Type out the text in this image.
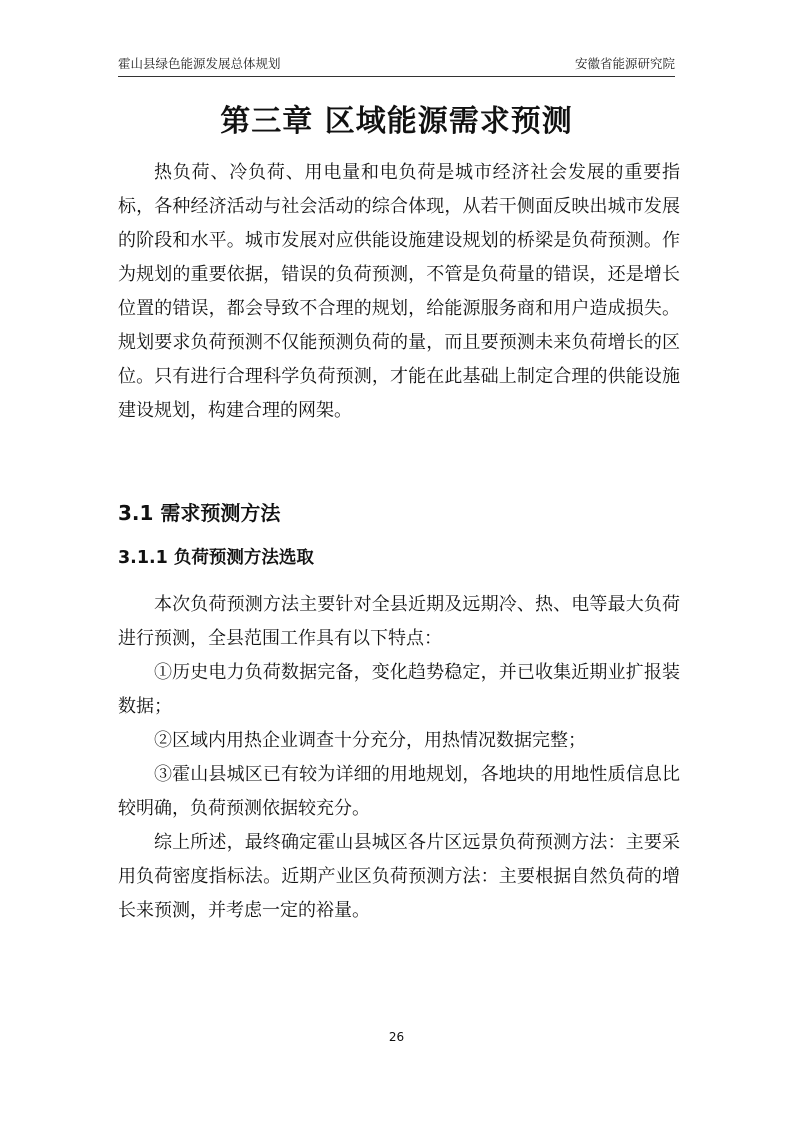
霍山县绿色能源发展总体规划	安徽省能源研究院
第三章 区域能源需求预测

热负荷、冷负荷、用电量和电负荷是城市经济社会发展的重要指标，各种经济活动与社会活动的综合体现，从若干侧面反映出城市发展的阶段和水平。城市发展对应供能设施建设规划的桥梁是负荷预测。作为规划的重要依据，错误的负荷预测，不管是负荷量的错误，还是增长位置的错误，都会导致不合理的规划，给能源服务商和用户造成损失。规划要求负荷预测不仅能预测负荷的量，而且要预测未来负荷增长的区位。只有进行合理科学负荷预测，才能在此基础上制定合理的供能设施建设规划，构建合理的网架。

3.1 需求预测方法
3.1.1 负荷预测方法选取

本次负荷预测方法主要针对全县近期及远期冷、热、电等最大负荷进行预测，全县范围工作具有以下特点：

①历史电力负荷数据完备，变化趋势稳定，并已收集近期业扩报装数据；

②区域内用热企业调查十分充分，用热情况数据完整；

③霍山县城区已有较为详细的用地规划，各地块的用地性质信息比较明确，负荷预测依据较充分。

综上所述，最终确定霍山县城区各片区远景负荷预测方法：主要采用负荷密度指标法。近期产业区负荷预测方法：主要根据自然负荷的增长来预测，并考虑一定的裕量。

26
